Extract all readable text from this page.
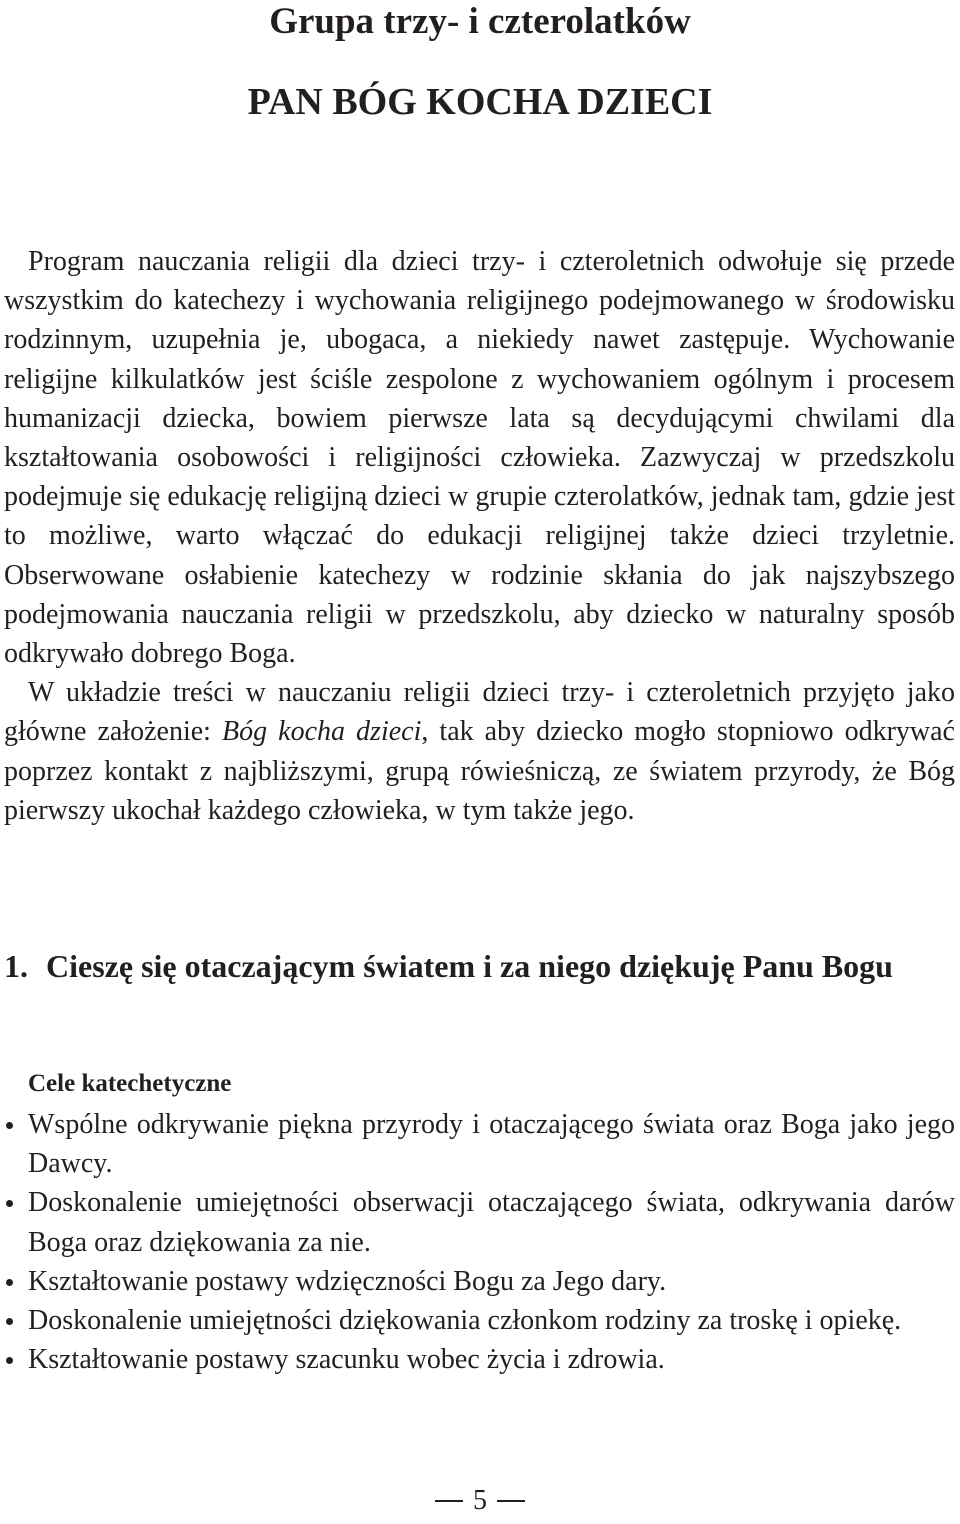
Grupa trzy- i czterolatków
PAN BÓG KOCHA DZIECI

Program nauczania religii dla dzieci trzy- i czteroletnich odwołuje się przede wszystkim do katechezy i wychowania religijnego podejmowanego w środowisku rodzinnym, uzupełnia je, ubogaca, a niekiedy nawet zastępuje. Wychowanie religijne kilkulatków jest ściśle zespolone z wychowaniem ogólnym i procesem humanizacji dziecka, bowiem pierwsze lata są decydującymi chwilami dla kształtowania osobowości i religijności człowieka. Zazwyczaj w przedszkolu podejmuje się edukację religijną dzieci w grupie czterolatków, jednak tam, gdzie jest to możliwe, warto włączać do edukacji religijnej także dzieci trzyletnie. Obserwowane osłabienie katechezy w rodzinie skłania do jak najszybszego podejmowania nauczania religii w przedszkolu, aby dziecko w naturalny sposób odkrywało dobrego Boga.

W układzie treści w nauczaniu religii dzieci trzy- i czteroletnich przyjęto jako główne założenie: Bóg kocha dzieci, tak aby dziecko mogło stopniowo odkrywać poprzez kontakt z najbliższymi, grupą rówieśniczą, ze światem przyrody, że Bóg pierwszy ukochał każdego człowieka, w tym także jego.

1. Cieszę się otaczającym światem i za niego dziękuję Panu Bogu
Cele katechetyczne
Wspólne odkrywanie piękna przyrody i otaczającego świata oraz Boga jako jego Dawcy.
Doskonalenie umiejętności obserwacji otaczającego świata, odkrywania darów Boga oraz dziękowania za nie.
Kształtowanie postawy wdzięczności Bogu za Jego dary.
Doskonalenie umiejętności dziękowania członkom rodziny za troskę i opiekę.
Kształtowanie postawy szacunku wobec życia i zdrowia.
5
